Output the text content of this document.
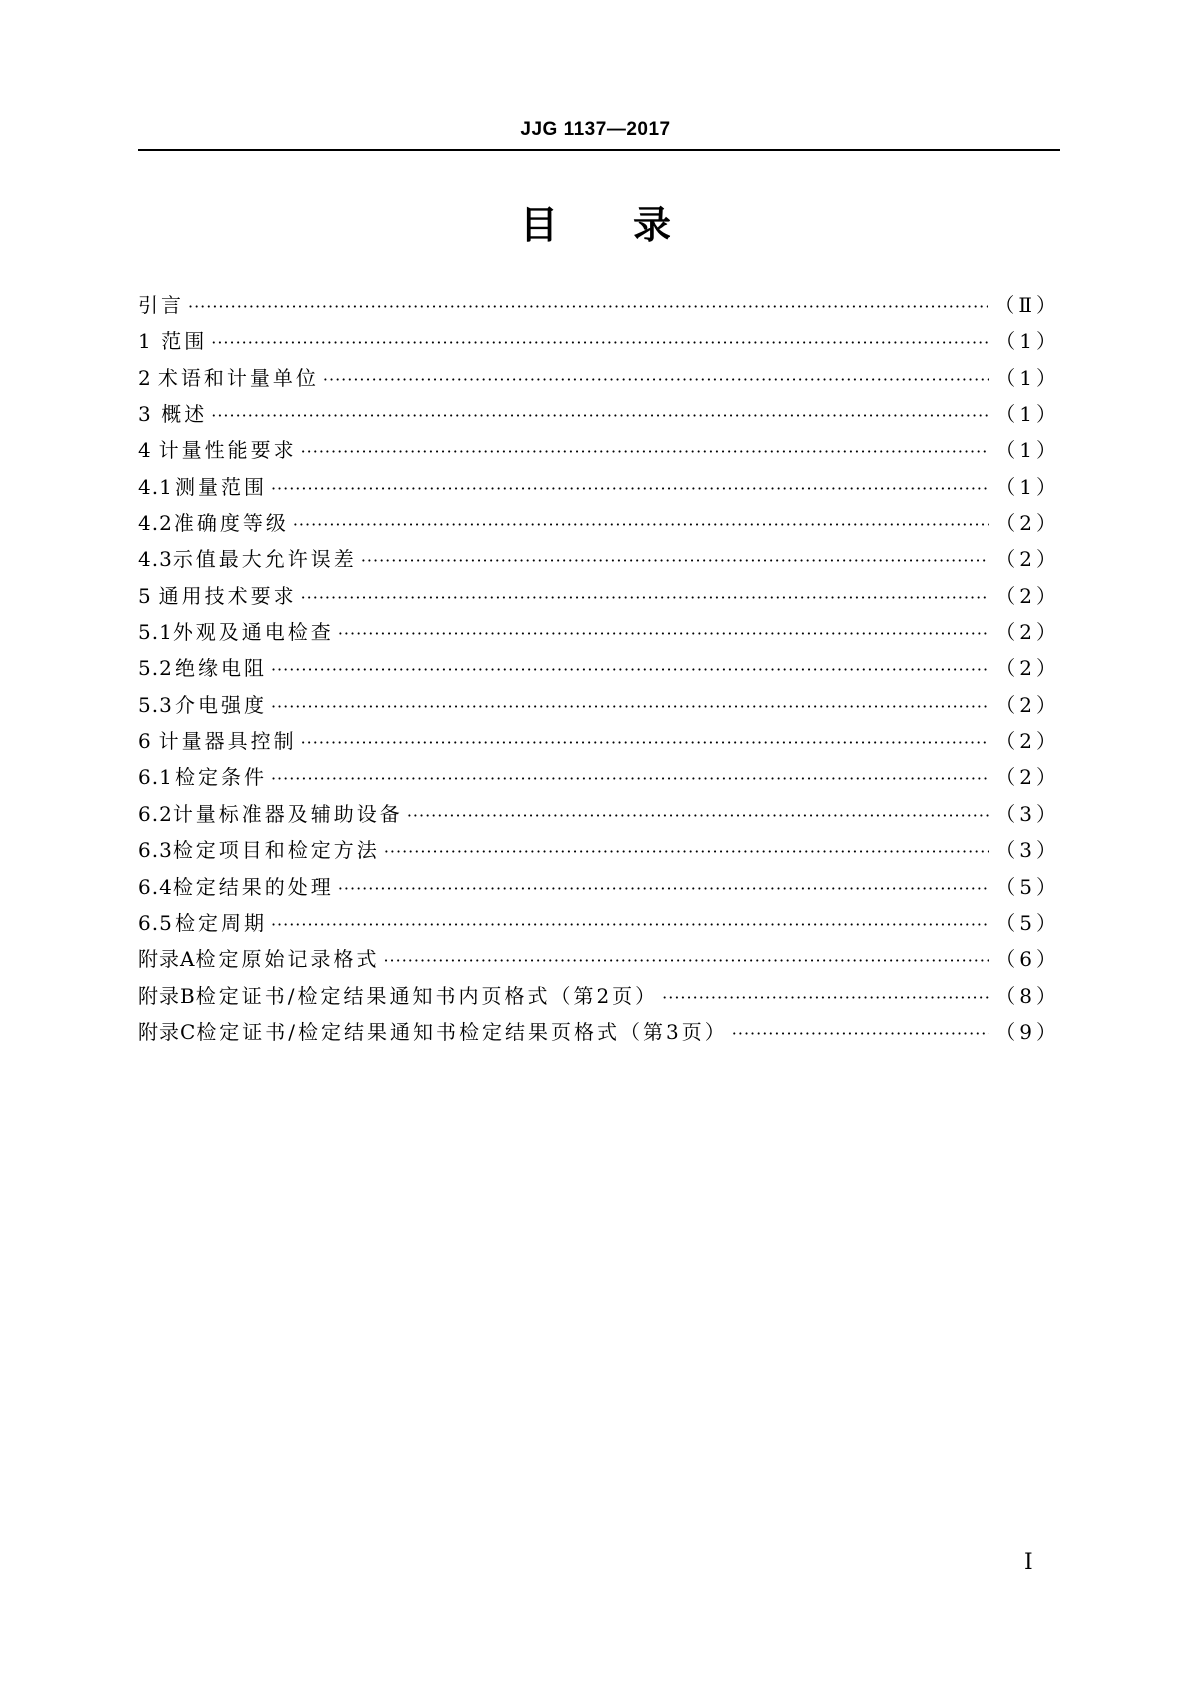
JJG 1137—2017
目 录
引言 ·····	（Ⅱ）
1 范围 ·····	（1）
2 术语和计量单位 ·····	（1）
3 概述 ·····	（1）
4 计量性能要求 ·····	（1）
4.1 测量范围 ·····	（1）
4.2 准确度等级 ·····	（2）
4.3 示值最大允许误差 ·····	（2）
5 通用技术要求 ·····	（2）
5.1 外观及通电检查 ·····	（2）
5.2 绝缘电阻 ·····	（2）
5.3 介电强度 ·····	（2）
6 计量器具控制 ·····	（2）
6.1 检定条件 ·····	（2）
6.2 计量标准器及辅助设备 ·····	（3）
6.3 检定项目和检定方法 ·····	（3）
6.4 检定结果的处理 ·····	（5）
6.5 检定周期 ·····	（5）
附录A 检定原始记录格式 ·····	（6）
附录B 检定证书/检定结果通知书内页格式（第2页） ·····	（8）
附录C 检定证书/检定结果通知书检定结果页格式（第3页） ·····	（9）
I
